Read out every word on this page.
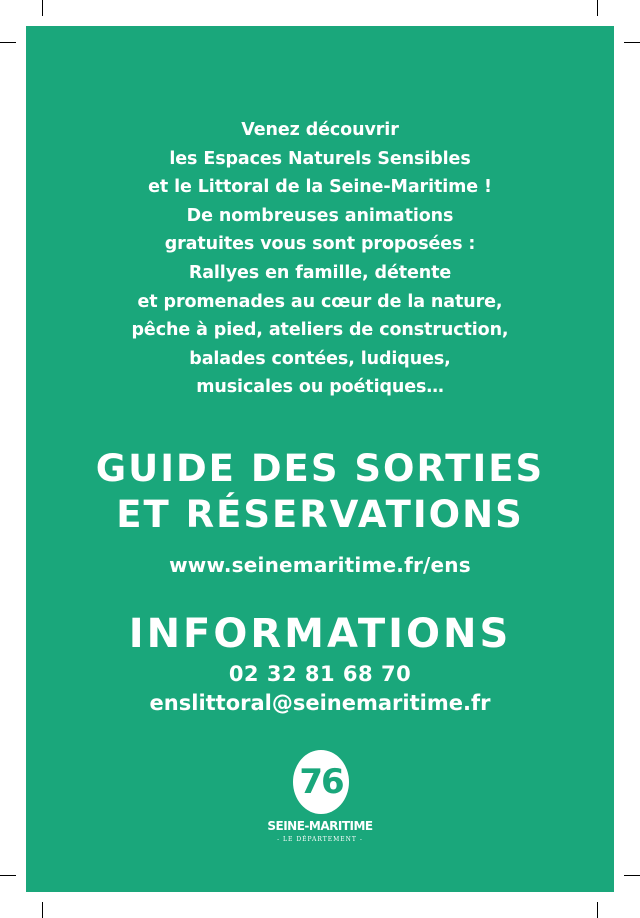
Venez découvrir
les Espaces Naturels Sensibles
et le Littoral de la Seine-Maritime !
De nombreuses animations
gratuites vous sont proposées :
Rallyes en famille, détente
et promenades au cœur de la nature,
pêche à pied, ateliers de construction,
balades contées, ludiques,
musicales ou poétiques…
GUIDE DES SORTIES
ET RÉSERVATIONS
www.seinemaritime.fr/ens
INFORMATIONS
02 32 81 68 70
enslittoral@seinemaritime.fr
76
SEINE-MARITIME
- LE DÉPARTEMENT -
